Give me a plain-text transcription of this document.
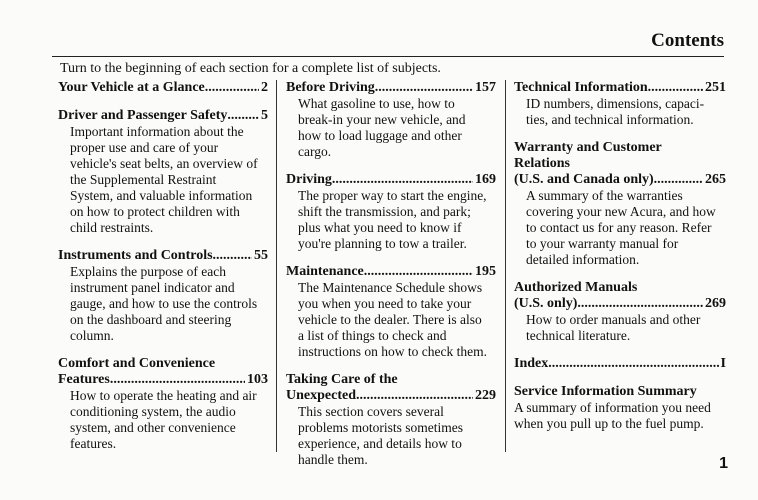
Contents
Turn to the beginning of each section for a complete list of subjects.
Your Vehicle at a Glance .....	2
Driver and Passenger Safety ..... 5
Important information about the
proper use and care of your
vehicle's seat belts, an overview of
the Supplemental Restraint
System, and valuable information
on how to protect children with
child restraints.
Instruments and Controls .....	55
Explains the purpose of each
instrument panel indicator and
gauge, and how to use the controls
on the dashboard and steering
column.
Comfort and Convenience
Features .....	103
How to operate the heating and air
conditioning system, the audio
system, and other convenience
features.
Before Driving .....	157
What gasoline to use, how to
break-in your new vehicle, and
how to load luggage and other
cargo.
Driving .....	169
The proper way to start the engine,
shift the transmission, and park;
plus what you need to know if
you're planning to tow a trailer.
Maintenance .....	195
The Maintenance Schedule shows
you when you need to take your
vehicle to the dealer. There is also
a list of things to check and
instructions on how to check them.
Taking Care of the
Unexpected .....	229
This section covers several
problems motorists sometimes
experience, and details how to
handle them.
Technical Information .....	251
ID numbers, dimensions, capaci-
ties, and technical information.
Warranty and Customer
Relations
(U.S. and Canada only) .....	265
A summary of the warranties
covering your new Acura, and how
to contact us for any reason. Refer
to your warranty manual for
detailed information.
Authorized Manuals
(U.S. only) .....	269
How to order manuals and other
technical literature.
Index .....	I
Service Information Summary
A summary of information you need
when you pull up to the fuel pump.
1
